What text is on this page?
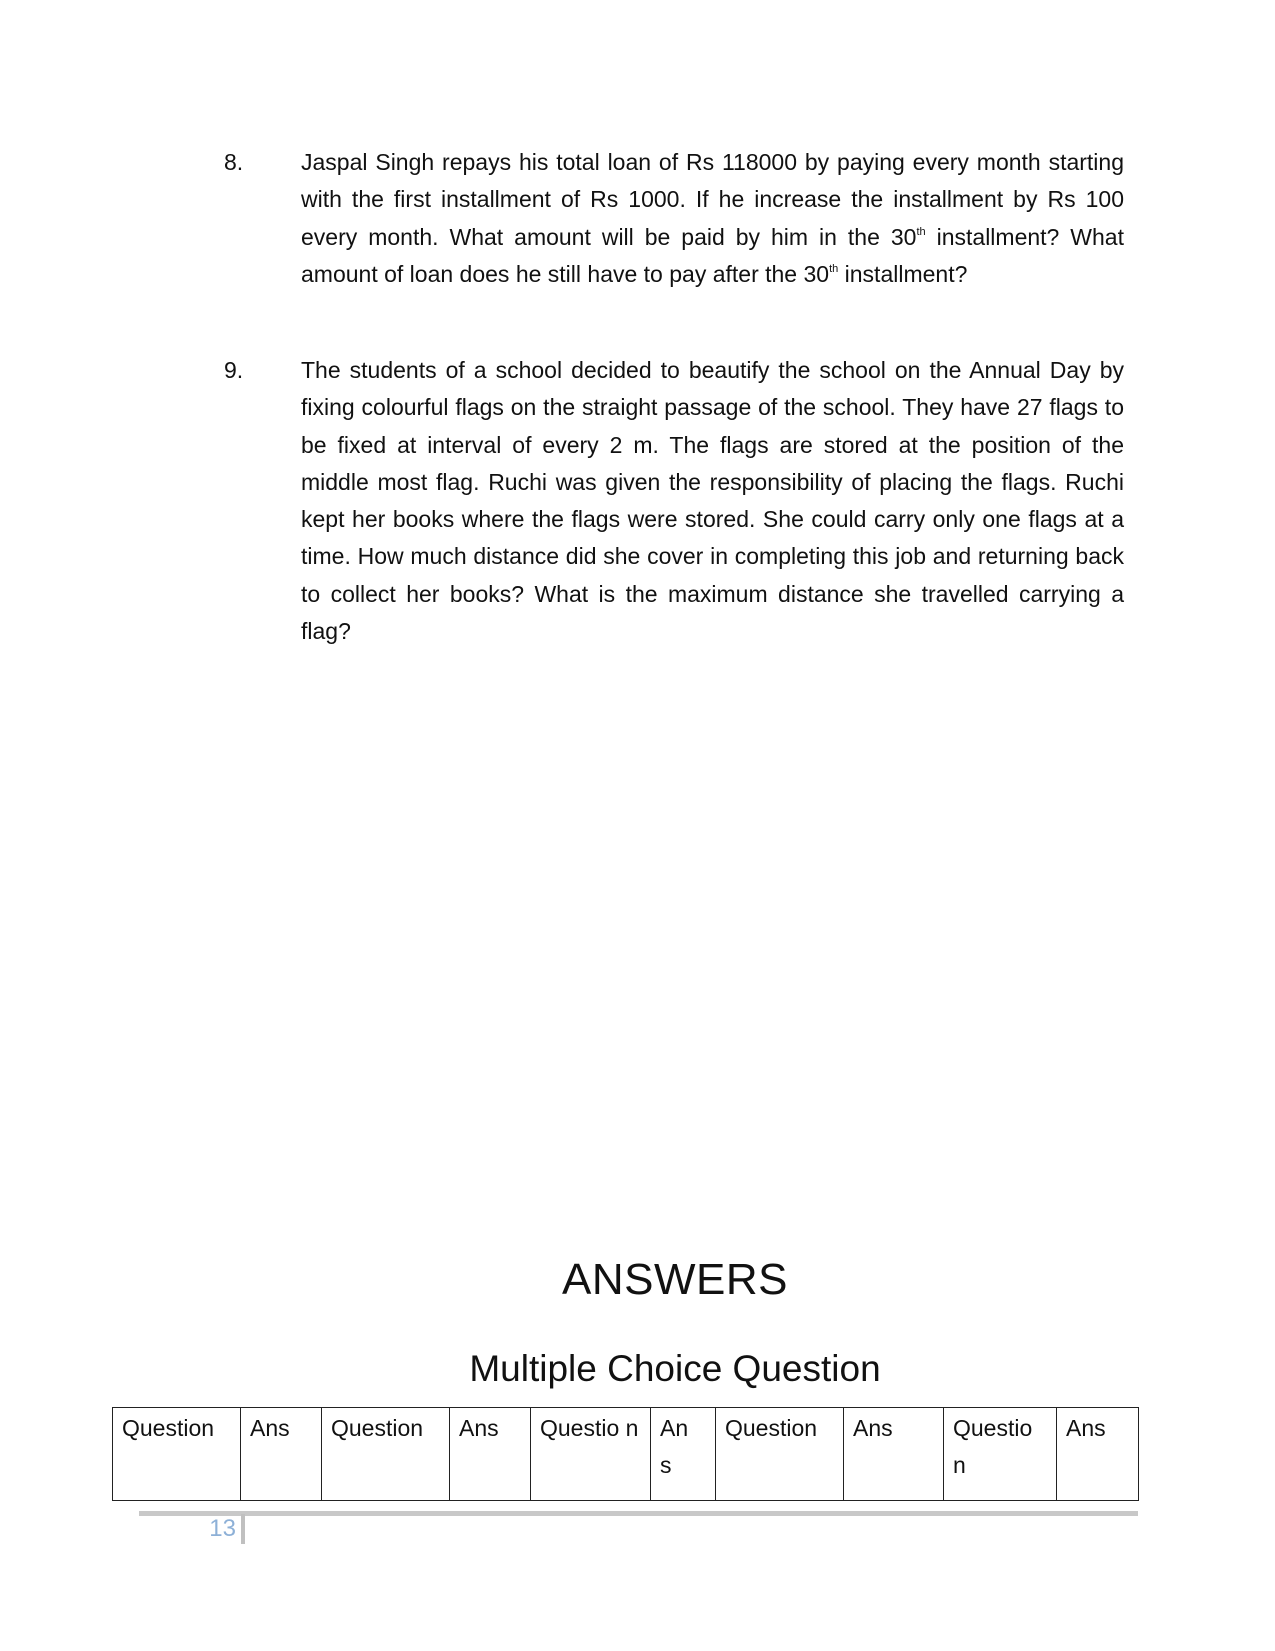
8.	Jaspal Singh repays his total loan of Rs 118000 by paying every month starting with the first installment of Rs 1000. If he increase the installment by Rs 100 every month. What amount will be paid by him in the 30th installment? What amount of loan does he still have to pay after the 30th installment?
9.	The students of a school decided to beautify the school on the Annual Day by fixing colourful flags on the straight passage of the school. They have 27 flags to be fixed at interval of every 2 m. The flags are stored at the position of the middle most flag. Ruchi was given the responsibility of placing the flags. Ruchi kept her books where the flags were stored. She could carry only one flags at a time. How much distance did she cover in completing this job and returning back to collect her books? What is the maximum distance she travelled carrying a flag?
ANSWERS
Multiple Choice Question
Question	Ans	Question	Ans	Questio n	An s	Question	Ans	Questio n	Ans
13
